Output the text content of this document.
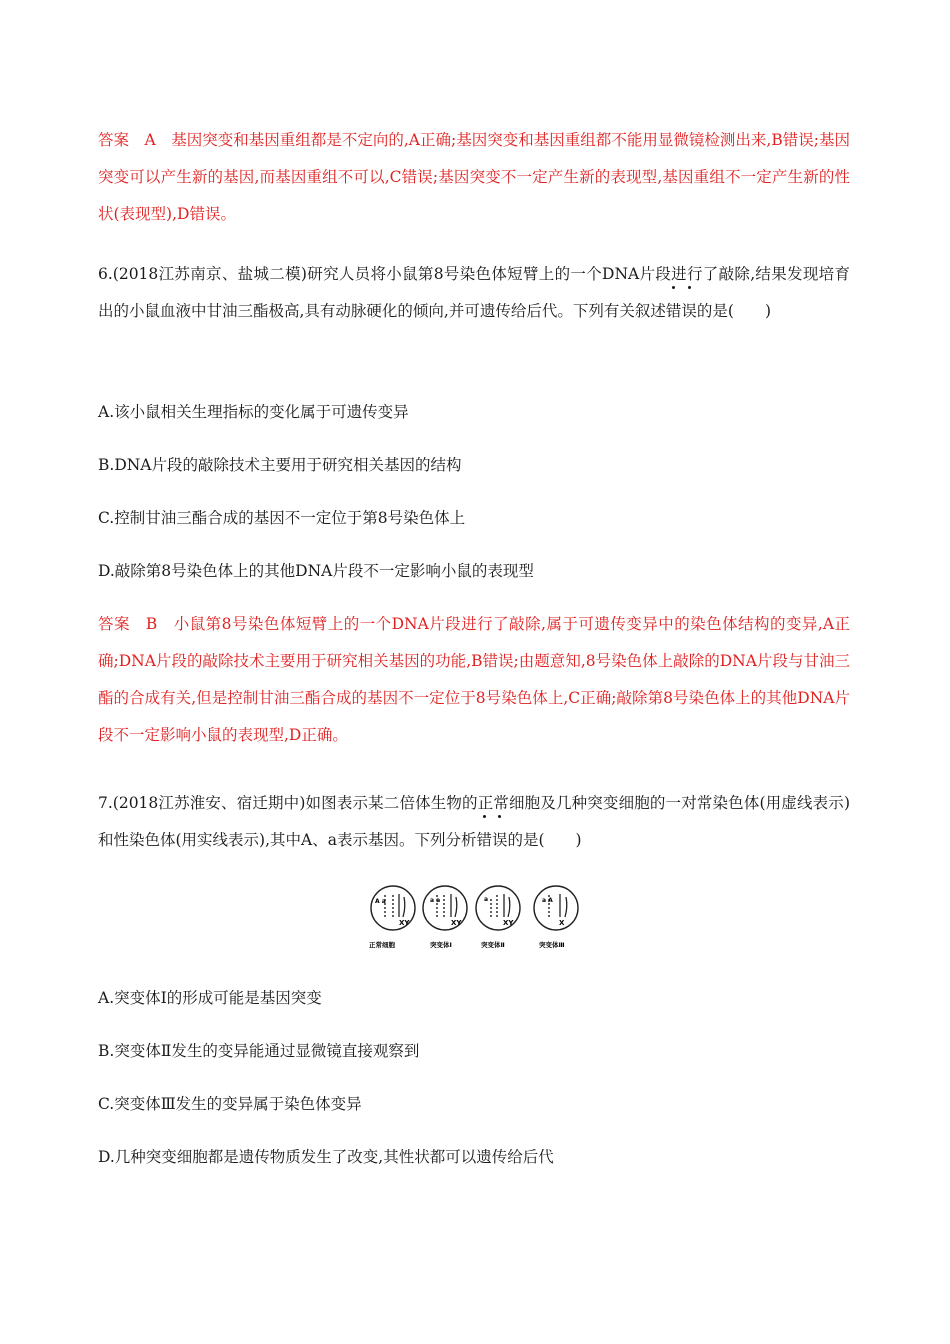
答案　A　基因突变和基因重组都是不定向的,A正确;基因突变和基因重组都不能用显微镜检测出来,B错误;基因突变可以产生新的基因,而基因重组不可以,C错误;基因突变不一定产生新的表现型,基因重组不一定产生新的性状(表现型),D错误。

6.(2018江苏南京、盐城二模)研究人员将小鼠第8号染色体短臂上的一个DNA片段进行了敲除,结果发现培育出的小鼠血液中甘油三酯极高,具有动脉硬化的倾向,并可遗传给后代。下列有关叙述错误的是(　　)

A.该小鼠相关生理指标的变化属于可遗传变异

B.DNA片段的敲除技术主要用于研究相关基因的结构

C.控制甘油三酯合成的基因不一定位于第8号染色体上

D.敲除第8号染色体上的其他DNA片段不一定影响小鼠的表现型

答案　B　小鼠第8号染色体短臂上的一个DNA片段进行了敲除,属于可遗传变异中的染色体结构的变异,A正确;DNA片段的敲除技术主要用于研究相关基因的功能,B错误;由题意知,8号染色体上敲除的DNA片段与甘油三酯的合成有关,但是控制甘油三酯合成的基因不一定位于8号染色体上,C正确;敲除第8号染色体上的其他DNA片段不一定影响小鼠的表现型,D正确。

7.(2018江苏淮安、宿迁期中)如图表示某二倍体生物的正常细胞及几种突变细胞的一对常染色体(用虚线表示)和性染色体(用实线表示),其中A、a表示基因。下列分析错误的是(　　)

A a
XY
正常细胞
a a
XY
突变体Ⅰ
a
XY
突变体Ⅱ
a A
X
突变体Ⅲ

A.突变体Ⅰ的形成可能是基因突变

B.突变体Ⅱ发生的变异能通过显微镜直接观察到

C.突变体Ⅲ发生的变异属于染色体变异

D.几种突变细胞都是遗传物质发生了改变,其性状都可以遗传给后代
